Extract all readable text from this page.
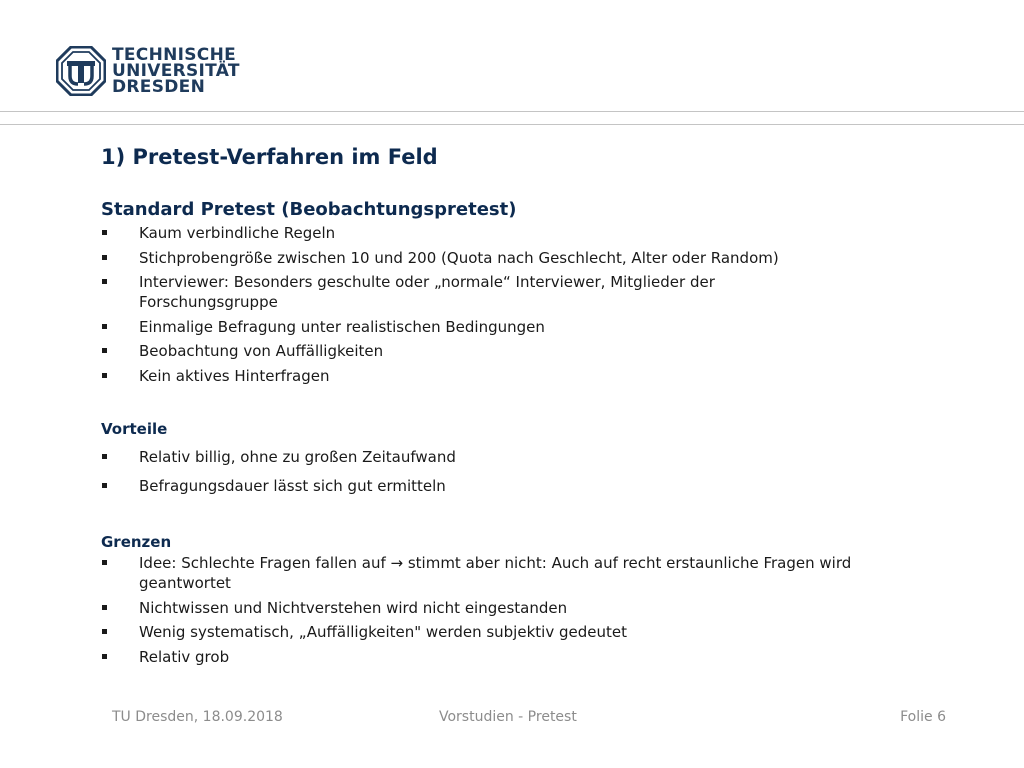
TECHNISCHE
UNIVERSITÄT
DRESDEN
1) Pretest-Verfahren im Feld

Standard Pretest (Beobachtungspretest)

Kaum verbindliche Regeln
Stichprobengröße zwischen 10 und 200 (Quota nach Geschlecht, Alter oder Random)
Interviewer: Besonders geschulte oder „normale“ Interviewer, Mitglieder der Forschungsgruppe
Einmalige Befragung unter realistischen Bedingungen
Beobachtung von Auffälligkeiten
Kein aktives Hinterfragen

Vorteile

Relativ billig, ohne zu großen Zeitaufwand
Befragungsdauer lässt sich gut ermitteln

Grenzen

Idee: Schlechte Fragen fallen auf → stimmt aber nicht: Auch auf recht erstaunliche Fragen wird geantwortet
Nichtwissen und Nichtverstehen wird nicht eingestanden
Wenig systematisch, „Auffälligkeiten" werden subjektiv gedeutet
Relativ grob
TU Dresden, 18.09.2018	Vorstudien - Pretest	Folie 6
